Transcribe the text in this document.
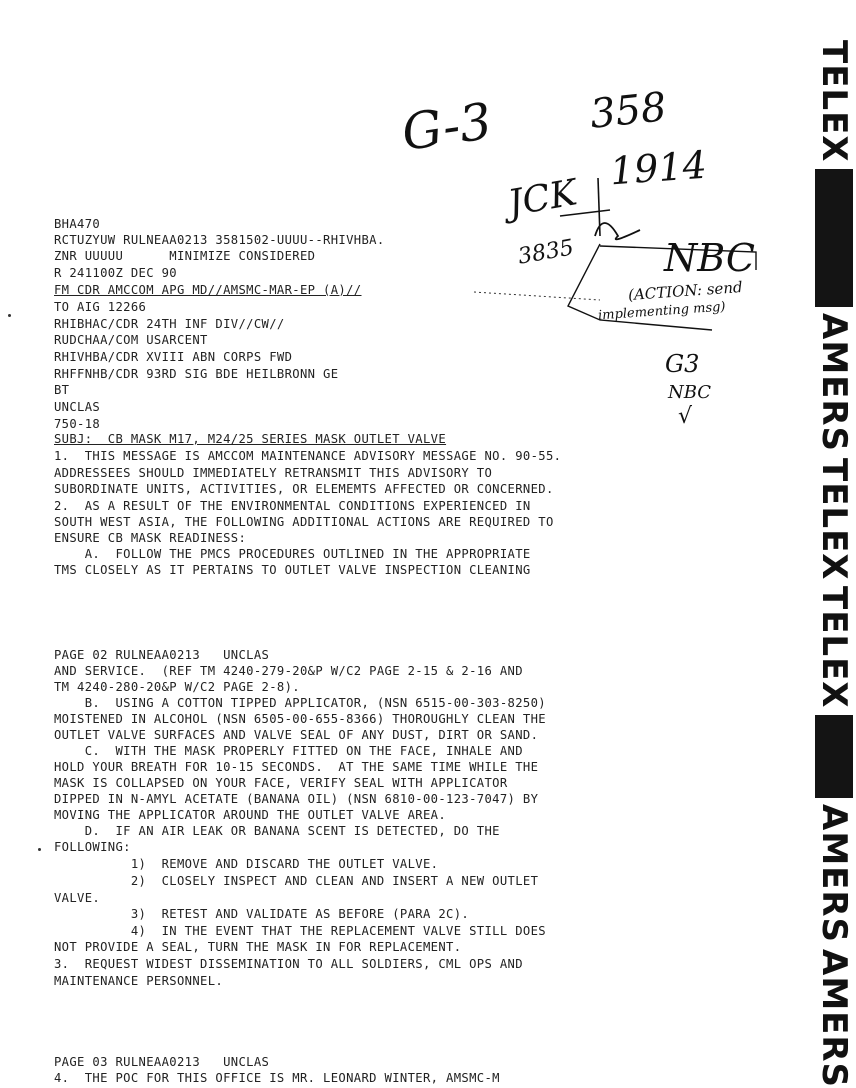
G-3 358
JCK
1914
3835 NBC
(ACTION: send
implementing msg)
G3
NBC
√
BHA470
RCTUZYUW RULNEAA0213 3581502-UUUU--RHIVHBA.
ZNR UUUUU      MINIMIZE CONSIDERED
R 241100Z DEC 90
FM CDR AMCCOM APG MD//AMSMC-MAR-EP (A)//
TO AIG 12266
RHIBHAC/CDR 24TH INF DIV//CW//
RUDCHAA/COM USARCENT
RHIVHBA/CDR XVIII ABN CORPS FWD
RHFFNHB/CDR 93RD SIG BDE HEILBRONN GE
BT
UNCLAS
750-18
SUBJ:  CB MASK M17, M24/25 SERIES MASK OUTLET VALVE
1.  THIS MESSAGE IS AMCCOM MAINTENANCE ADVISORY MESSAGE NO. 90-55.
ADDRESSEES SHOULD IMMEDIATELY RETRANSMIT THIS ADVISORY TO
SUBORDINATE UNITS, ACTIVITIES, OR ELEMEMTS AFFECTED OR CONCERNED.
2.  AS A RESULT OF THE ENVIRONMENTAL CONDITIONS EXPERIENCED IN
SOUTH WEST ASIA, THE FOLLOWING ADDITIONAL ACTIONS ARE REQUIRED TO
ENSURE CB MASK READINESS:
A.  FOLLOW THE PMCS PROCEDURES OUTLINED IN THE APPROPRIATE
TMS CLOSELY AS IT PERTAINS TO OUTLET VALVE INSPECTION CLEANING
PAGE 02 RULNEAA0213   UNCLAS
AND SERVICE.  (REF TM 4240-279-20&P W/C2 PAGE 2-15 & 2-16 AND
TM 4240-280-20&P W/C2 PAGE 2-8).
B.  USING A COTTON TIPPED APPLICATOR, (NSN 6515-00-303-8250)
MOISTENED IN ALCOHOL (NSN 6505-00-655-8366) THOROUGHLY CLEAN THE
OUTLET VALVE SURFACES AND VALVE SEAL OF ANY DUST, DIRT OR SAND.
C.  WITH THE MASK PROPERLY FITTED ON THE FACE, INHALE AND
HOLD YOUR BREATH FOR 10-15 SECONDS.  AT THE SAME TIME WHILE THE
MASK IS COLLAPSED ON YOUR FACE, VERIFY SEAL WITH APPLICATOR
DIPPED IN N-AMYL ACETATE (BANANA OIL) (NSN 6810-00-123-7047) BY
MOVING THE APPLICATOR AROUND THE OUTLET VALVE AREA.
D.  IF AN AIR LEAK OR BANANA SCENT IS DETECTED, DO THE
FOLLOWING:
1)  REMOVE AND DISCARD THE OUTLET VALVE.
2)  CLOSELY INSPECT AND CLEAN AND INSERT A NEW OUTLET
VALVE.
3)  RETEST AND VALIDATE AS BEFORE (PARA 2C).
4)  IN THE EVENT THAT THE REPLACEMENT VALVE STILL DOES
NOT PROVIDE A SEAL, TURN THE MASK IN FOR REPLACEMENT.
3.  REQUEST WIDEST DISSEMINATION TO ALL SOLDIERS, CML OPS AND
MAINTENANCE PERSONNEL.
PAGE 03 RULNEAA0213   UNCLAS
4.  THE POC FOR THIS OFFICE IS MR. LEONARD WINTER, AMSMC-M
TELEX
AMERS
TELEX
TELEX
AMERS
AMERS
